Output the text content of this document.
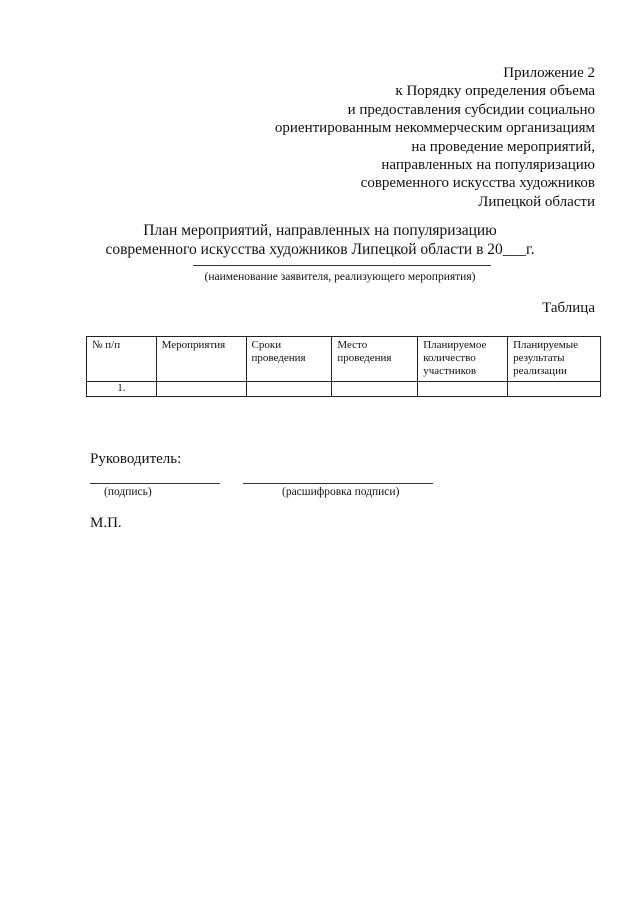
Приложение 2
к Порядку определения объема
и предоставления субсидии социально
ориентированным некоммерческим организациям
на проведение мероприятий,
направленных на популяризацию
современного искусства художников
Липецкой области
План мероприятий, направленных на популяризацию
современного искусства художников Липецкой области в 20___г.
(наименование заявителя, реализующего мероприятия)
Таблица
№ п/п	Мероприятия	Сроки проведения	Место проведения	Планируемое количество участников	Планируемые результаты реализации
1.					
Руководитель:
(подпись)	(расшифровка подписи)
М.П.
